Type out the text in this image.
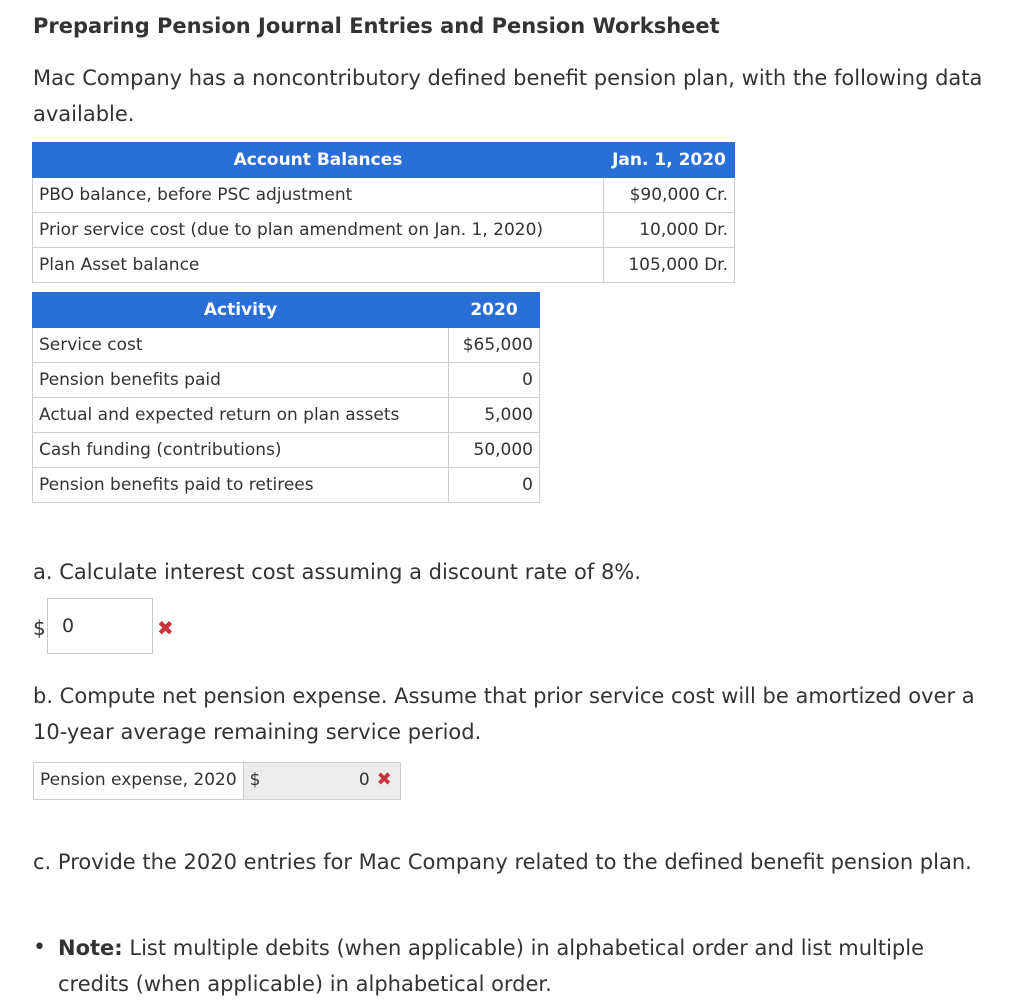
Preparing Pension Journal Entries and Pension Worksheet

Mac Company has a noncontributory defined benefit pension plan, with the following data available.

Account Balances	Jan. 1, 2020
PBO balance, before PSC adjustment	$90,000 Cr.
Prior service cost (due to plan amendment on Jan. 1, 2020)	10,000 Dr.
Plan Asset balance	105,000 Dr.
Activity	2020
Service cost	$65,000
Pension benefits paid	0
Actual and expected return on plan assets	5,000
Cash funding (contributions)	50,000
Pension benefits paid to retirees	0

a. Calculate interest cost assuming a discount rate of 8%.

$
0	✖

b. Compute net pension expense. Assume that prior service cost will be amortized over a 10-year average remaining service period.

Pension expense, 2020 $	0 ✖

c. Provide the 2020 entries for Mac Company related to the defined benefit pension plan.

• Note: List multiple debits (when applicable) in alphabetical order and list multiple credits (when applicable) in alphabetical order.
